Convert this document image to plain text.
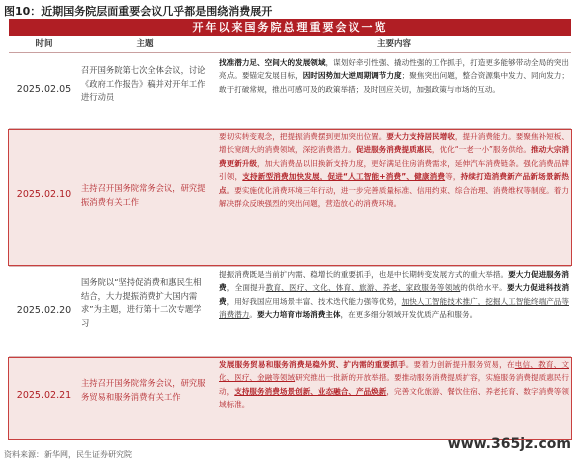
图10：近期国务院层面重要会议几乎都是围绕消费展开
开年以来国务院总理重要会议一览
时间	主题	主要内容
2025.02.05
召开国务院第七次全体会议，讨论《政府工作报告》稿并对开年工作进行动员
找准潜力足、空间大的发展领域，谋划好牵引性强、撬动性强的工作抓手，打造更多能够带动全局的突出亮点。要锚定发展目标，因时因势加大逆周期调节力度；聚焦突出问题，整合资源集中发力、同向发力；敢于打破常规，推出可感可及的政策举措；及时回应关切，加强政策与市场的互动。
2025.02.10
主持召开国务院常务会议，研究提振消费有关工作
要切实转变观念，把提振消费摆到更加突出位置。要大力支持居民增收，提升消费能力。要聚焦补短板、增长宽阔大的消费领域，深挖消费潜力。促进服务消费提质惠民，优化“一老一小”服务供给。推动大宗消费更新升级，加大消费品以旧换新支持力度，更好满足住房消费需求，延伸汽车消费链条。强化消费品牌引领，支持新型消费加快发展，促进“人工智能+消费”、健康消费等，持续打造消费新产品新场景新热点。要实施优化消费环境三年行动，进一步完善质量标准、信用约束、综合治理、消费维权等制度。着力解决群众反映强烈的突出问题，营造放心的消费环境。
2025.02.20
国务院以“坚持促消费和惠民生相结合，大力提振消费扩大国内需求”为主题，进行第十二次专题学习
提振消费既是当前扩内需、稳增长的重要抓手，也是中长期转变发展方式的重大举措。要大力促进服务消费，全面提升教育、医疗、文化、体育、旅游、养老、家政服务等领域的供给水平。要大力促进科技消费，用好我国应用场景丰富、技术迭代能力强等优势，加快人工智能技术推广，挖掘人工智能终端产品等消费潜力。要大力培育市场消费主体，在更多细分领域开发优质产品和服务。
2025.02.21
主持召开国务院常务会议，研究服务贸易和服务消费有关工作
发展服务贸易和服务消费是稳外贸、扩内需的重要抓手。要着力创新提升服务贸易，在电信、教育、文化、医疗、金融等领域研究推出一批新的开放举措。要推动服务消费提质扩容，实施服务消费提质惠民行动，支持服务消费场景创新、业态融合、产品焕新，完善文化旅游、餐饮住宿、养老托育、数字消费等领域标准。
资料来源：新华网，民生证券研究院
www.365jz.com
